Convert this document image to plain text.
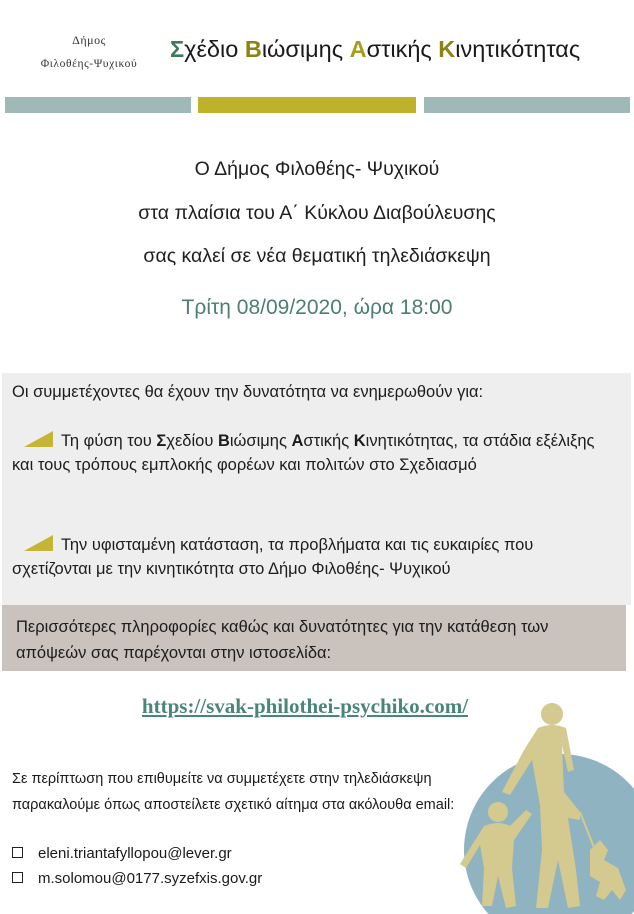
Δήμος
Φιλοθέης-Ψυχικού
Σχέδιο Βιώσιμης Αστικής Κινητικότητας
Ο Δήμος Φιλοθέης- Ψυχικού
στα πλαίσια του Α΄ Κύκλου Διαβούλευσης
σας καλεί σε νέα θεματική τηλεδιάσκεψη
Τρίτη 08/09/2020, ώρα 18:00

Οι συμμετέχοντες θα έχουν την δυνατότητα να ενημερωθούν για:

Τη φύση του Σχεδίου Βιώσιμης Αστικής Κινητικότητας, τα στάδια εξέλιξης και τους τρόπους εμπλοκής φορέων και πολιτών στο Σχεδιασμό

Την υφισταμένη κατάσταση, τα προβλήματα και τις ευκαιρίες που σχετίζονται με την κινητικότητα στο Δήμο Φιλοθέης- Ψυχικού

Περισσότερες πληροφορίες καθώς και δυνατότητες για την κατάθεση των απόψεών σας παρέχονται στην ιστοσελίδα:

https://svak-philothei-psychiko.com/
Σε περίπτωση που επιθυμείτε να συμμετέχετε στην τηλεδιάσκεψη παρακαλούμε όπως αποστείλετε σχετικό αίτημα στα ακόλουθα email:
eleni.triantafyllopou@lever.gr
m.solomou@0177.syzefxis.gov.gr
